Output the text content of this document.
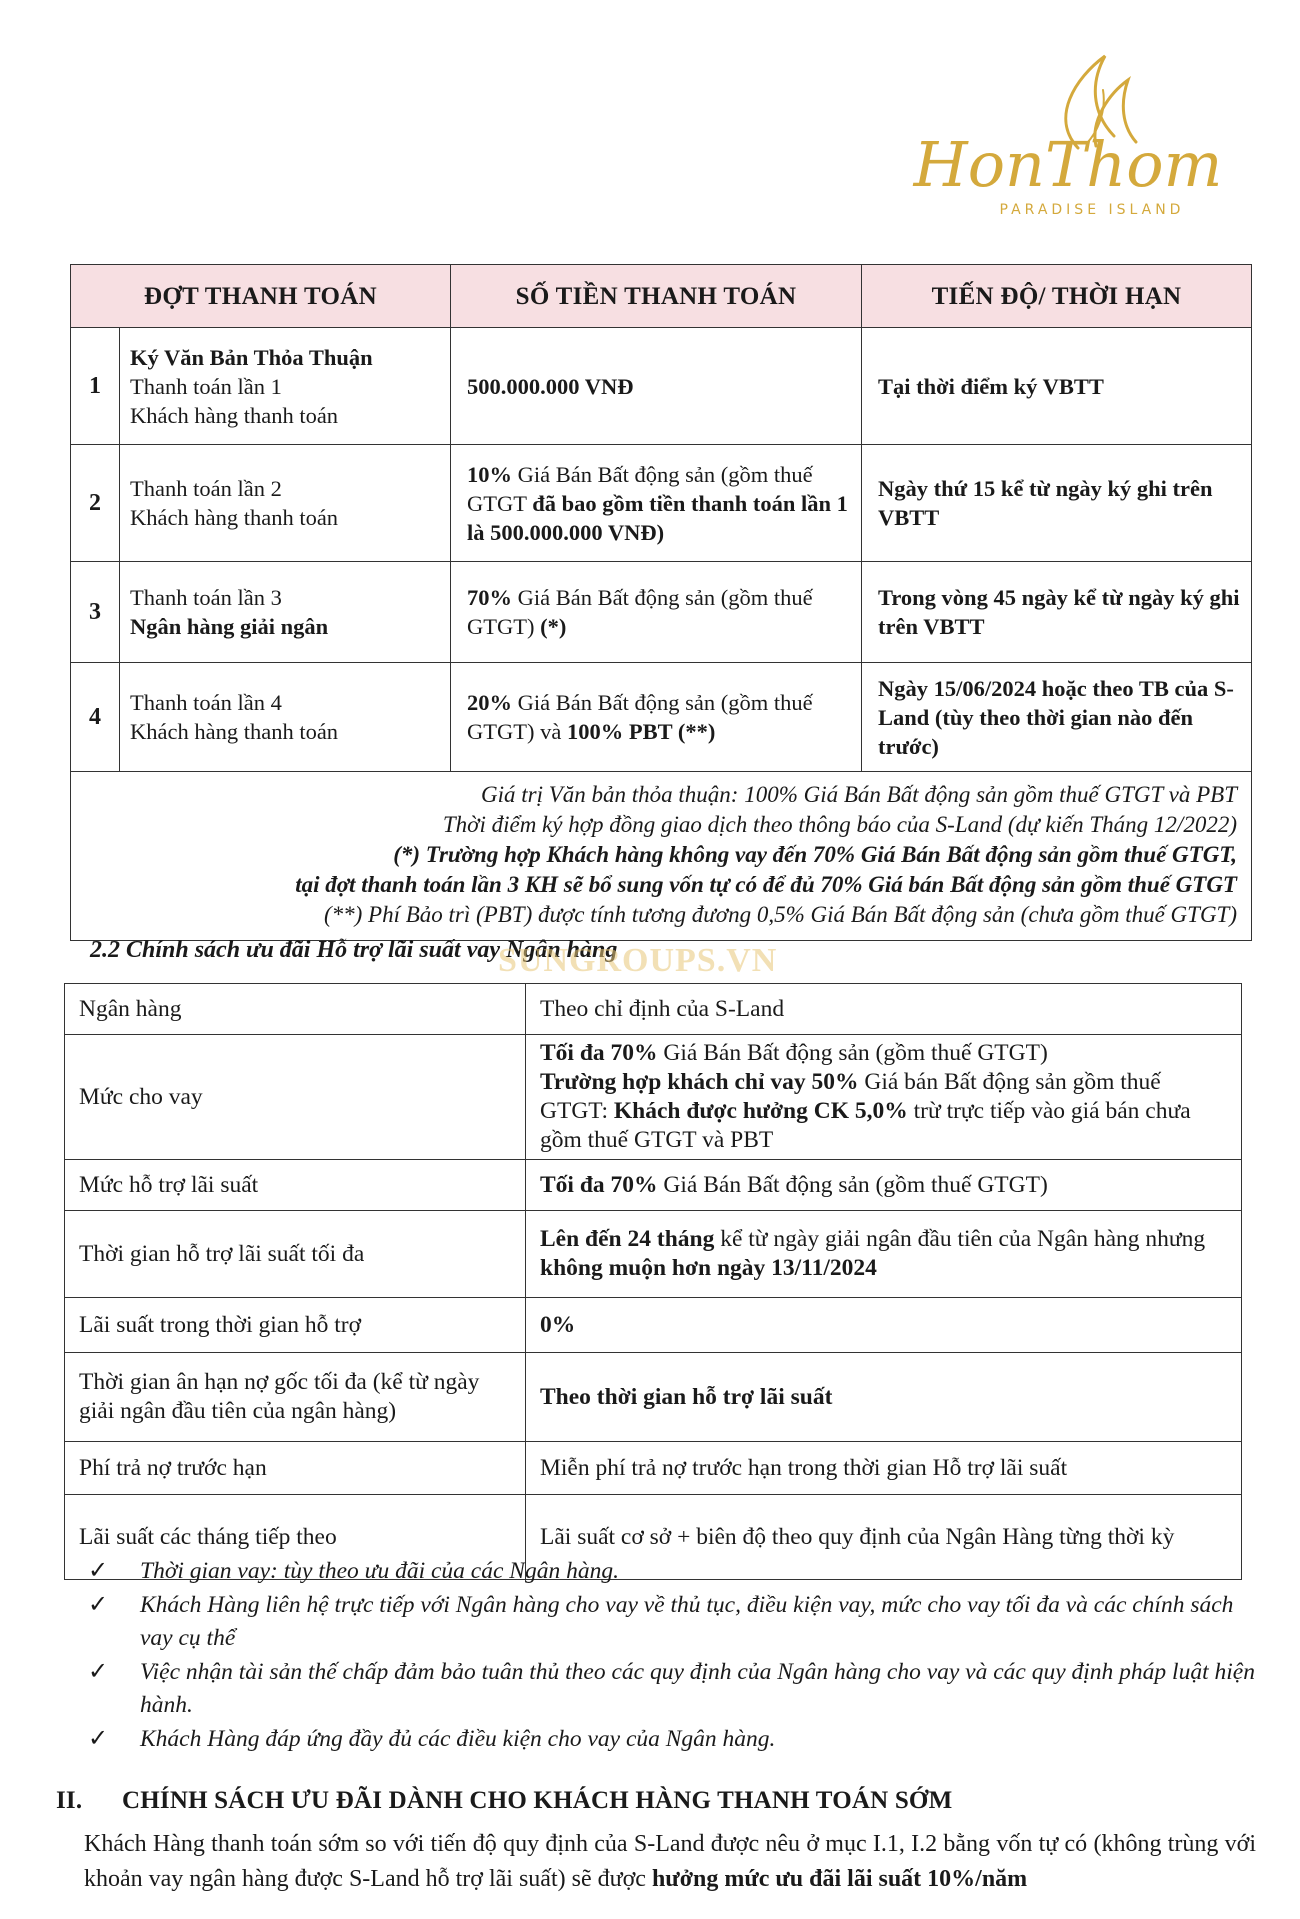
HonThom
PARADISE ISLAND
ĐỢT THANH TOÁN		SỐ TIỀN THANH TOÁN	TIẾN ĐỘ/ THỜI HẠN
1	Ký Văn Bản Thỏa Thuận
Thanh toán lần 1
Khách hàng thanh toán	500.000.000 VNĐ	Tại thời điểm ký VBTT

2	Thanh toán lần 2
Khách hàng thanh toán	10% Giá Bán Bất động sản (gồm thuế GTGT đã bao gồm tiền thanh toán lần 1 là 500.000.000 VNĐ)	Ngày thứ 15 kể từ ngày ký ghi trên VBTT

3	Thanh toán lần 3
Ngân hàng giải ngân	70% Giá Bán Bất động sản (gồm thuế GTGT) (*)	Trong vòng 45 ngày kể từ ngày ký ghi trên VBTT

4	Thanh toán lần 4
Khách hàng thanh toán	20% Giá Bán Bất động sản (gồm thuế GTGT) và 100% PBT (**)	Ngày 15/06/2024 hoặc theo TB của S-Land (tùy theo thời gian nào đến trước)

Giá trị Văn bản thỏa thuận: 100% Giá Bán Bất động sản gồm thuế GTGT và PBT
Thời điểm ký hợp đồng giao dịch theo thông báo của S-Land (dự kiến Tháng 12/2022)
(*) Trường hợp Khách hàng không vay đến 70% Giá Bán Bất động sản gồm thuế GTGT,
tại đợt thanh toán lần 3 KH sẽ bổ sung vốn tự có để đủ 70% Giá bán Bất động sản gồm thuế GTGT
(**) Phí Bảo trì (PBT) được tính tương đương 0,5% Giá Bán Bất động sản (chưa gồm thuế GTGT)			
2.2 Chính sách ưu đãi Hỗ trợ lãi suất vay Ngân hàng
SUNGROUPS.VN
Ngân hàng	Theo chỉ định của S-Land
Mức cho vay	Tối đa 70% Giá Bán Bất động sản (gồm thuế GTGT)
Trường hợp khách chỉ vay 50% Giá bán Bất động sản gồm thuế GTGT: Khách được hưởng CK 5,0% trừ trực tiếp vào giá bán chưa gồm thuế GTGT và PBT

Mức hỗ trợ lãi suất	Tối đa 70% Giá Bán Bất động sản (gồm thuế GTGT)
Thời gian hỗ trợ lãi suất tối đa	Lên đến 24 tháng kể từ ngày giải ngân đầu tiên của Ngân hàng nhưng không muộn hơn ngày 13/11/2024
Lãi suất trong thời gian hỗ trợ	0%
Thời gian ân hạn nợ gốc tối đa (kể từ ngày giải ngân đầu tiên của ngân hàng)	Theo thời gian hỗ trợ lãi suất
Phí trả nợ trước hạn	Miễn phí trả nợ trước hạn trong thời gian Hỗ trợ lãi suất
Lãi suất các tháng tiếp theo	Lãi suất cơ sở + biên độ theo quy định của Ngân Hàng từng thời kỳ
✓ Thời gian vay: tùy theo ưu đãi của các Ngân hàng.
✓ Khách Hàng liên hệ trực tiếp với Ngân hàng cho vay về thủ tục, điều kiện vay, mức cho vay tối đa và các chính sách vay cụ thể
✓ Việc nhận tài sản thế chấp đảm bảo tuân thủ theo các quy định của Ngân hàng cho vay và các quy định pháp luật hiện hành.
✓ Khách Hàng đáp ứng đầy đủ các điều kiện cho vay của Ngân hàng.
II. CHÍNH SÁCH ƯU ĐÃI DÀNH CHO KHÁCH HÀNG THANH TOÁN SỚM
Khách Hàng thanh toán sớm so với tiến độ quy định của S-Land được nêu ở mục I.1, I.2 bằng vốn tự có (không trùng với khoản vay ngân hàng được S-Land hỗ trợ lãi suất) sẽ được hưởng mức ưu đãi lãi suất 10%/năm
